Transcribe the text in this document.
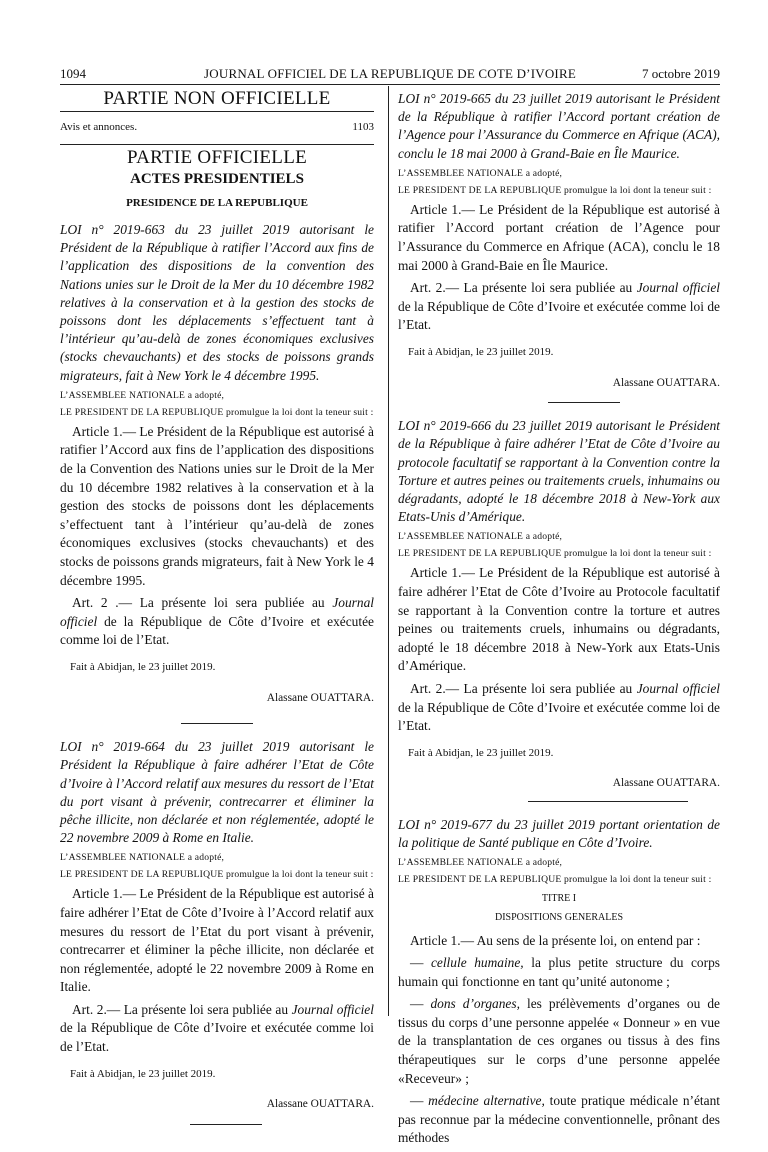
1094	JOURNAL OFFICIEL DE LA REPUBLIQUE DE COTE D’IVOIRE	7 octobre 2019
PARTIE NON OFFICIELLE
Avis et annonces.	1103
PARTIE OFFICIELLE
ACTES PRESIDENTIELS
PRESIDENCE DE LA REPUBLIQUE
LOI n° 2019-663 du 23 juillet 2019 autorisant le Président de la République à ratifier l’Accord aux fins de l’application des dispositions de la convention des Nations unies sur le Droit de la Mer du 10 décembre 1982 relatives à la conservation et à la gestion des stocks de poissons dont les déplacements s’effectuent tant à l’intérieur qu’au-delà de zones économiques exclusives (stocks chevauchants) et des stocks de poissons grands migrateurs, fait à New York le 4 décembre 1995.
L’ASSEMBLEE NATIONALE a adopté,
LE PRESIDENT DE LA REPUBLIQUE promulgue la loi dont la teneur suit :

Article 1.— Le Président de la République est autorisé à ratifier l’Accord aux fins de l’application des dispositions de la Convention des Nations unies sur le Droit de la Mer du 10 décembre 1982 relatives à la conservation et à la gestion des stocks de poissons dont les déplacements s’effectuent tant à l’intérieur qu’au-delà de zones économiques exclusives (stocks chevauchants) et des stocks de poissons grands migrateurs, fait à New York le 4 décembre 1995.

Art. 2 .— La présente loi sera publiée au Journal officiel de la République de Côte d’Ivoire et exécutée comme loi de l’Etat.

Fait à Abidjan, le 23 juillet 2019.
Alassane OUATTARA.
LOI n° 2019-664 du 23 juillet 2019 autorisant le Président la République à faire adhérer l’Etat de Côte d’Ivoire à l’Accord relatif aux mesures du ressort de l’Etat du port visant à prévenir, contrecarrer et éliminer la pêche illicite, non déclarée et non réglementée, adopté le 22 novembre 2009 à Rome en Italie.
L’ASSEMBLEE NATIONALE a adopté,
LE PRESIDENT DE LA REPUBLIQUE promulgue la loi dont la teneur suit :

Article 1.— Le Président de la République est autorisé à faire adhérer l’Etat de Côte d’Ivoire à l’Accord relatif aux mesures du ressort de l’Etat du port visant à prévenir, contrecarrer et éliminer la pêche illicite, non déclarée et non réglementée, adopté le 22 novembre 2009 à Rome en Italie.

Art. 2.— La présente loi sera publiée au Journal officiel de la République de Côte d’Ivoire et exécutée comme loi de l’Etat.

Fait à Abidjan, le 23 juillet 2019.
Alassane OUATTARA.
LOI n° 2019-665 du 23 juillet 2019 autorisant le Président de la République à ratifier l’Accord portant création de l’Agence pour l’Assurance du Commerce en Afrique (ACA), conclu le 18 mai 2000 à Grand-Baie en Île Maurice.
L’ASSEMBLEE NATIONALE a adopté,
LE PRESIDENT DE LA REPUBLIQUE promulgue la loi dont la teneur suit :

Article 1.— Le Président de la République est autorisé à ratifier l’Accord portant création de l’Agence pour l’Assurance du Commerce en Afrique (ACA), conclu le 18 mai 2000 à Grand-Baie en Île Maurice.

Art. 2.— La présente loi sera publiée au Journal officiel de la République de Côte d’Ivoire et exécutée comme loi de l’Etat.

Fait à Abidjan, le 23 juillet 2019.
Alassane OUATTARA.
LOI n° 2019-666 du 23 juillet 2019 autorisant le Président de la République à faire adhérer l’Etat de Côte d’Ivoire au protocole facultatif se rapportant à la Convention contre la Torture et autres peines ou traitements cruels, inhumains ou dégradants, adopté le 18 décembre 2018 à New-York aux Etats-Unis d’Amérique.
L’ASSEMBLEE NATIONALE a adopté,
LE PRESIDENT DE LA REPUBLIQUE promulgue la loi dont la teneur suit :

Article 1.— Le Président de la République est autorisé à faire adhérer l’Etat de Côte d’Ivoire au Protocole facultatif se rapportant à la Convention contre la torture et autres peines ou traitements cruels, inhumains ou dégradants, adopté le 18 décembre 2018 à New-York aux Etats-Unis d’Amérique.

Art. 2.— La présente loi sera publiée au Journal officiel de la République de Côte d’Ivoire et exécutée comme loi de l’Etat.

Fait à Abidjan, le 23 juillet 2019.
Alassane OUATTARA.
LOI n° 2019-677 du 23 juillet 2019 portant orientation de la politique de Santé publique en Côte d’Ivoire.
L’ASSEMBLEE NATIONALE a adopté,
LE PRESIDENT DE LA REPUBLIQUE promulgue la loi dont la teneur suit :
TITRE I
DISPOSITIONS GENERALES

Article 1.— Au sens de la présente loi, on entend par :

— cellule humaine, la plus petite structure du corps humain qui fonctionne en tant qu’unité autonome ;

— dons d’organes, les prélèvements d’organes ou de tissus du corps d’une personne appelée « Donneur » en vue de la transplantation de ces organes ou tissus à des fins thérapeutiques sur le corps d’une personne appelée «Receveur» ;

— médecine alternative, toute pratique médicale n’étant pas reconnue par la médecine conventionnelle, prônant des méthodes
